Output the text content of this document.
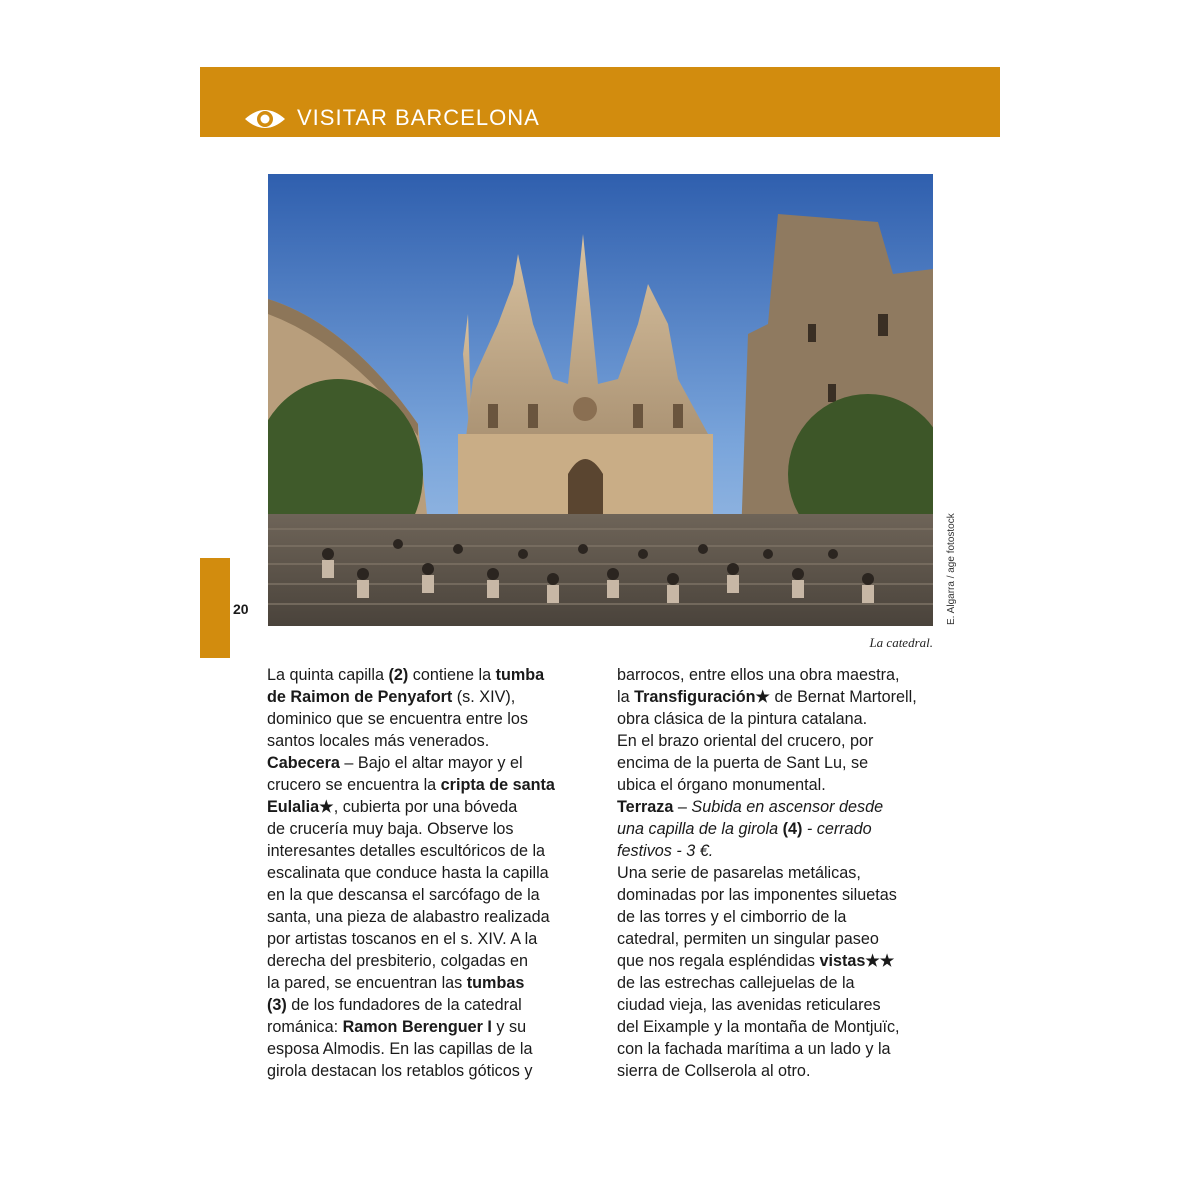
VISITAR BARCELONA
E. Algarra / age fotostock
La catedral.
20
La quinta capilla (2) contiene la tumba
de Raimon de Penyafort (s. XIV),
dominico que se encuentra entre los
santos locales más venerados.
Cabecera – Bajo el altar mayor y el
crucero se encuentra la cripta de santa
Eulalia★, cubierta por una bóveda
de crucería muy baja. Observe los
interesantes detalles escultóricos de la
escalinata que conduce hasta la capilla
en la que descansa el sarcófago de la
santa, una pieza de alabastro realizada
por artistas toscanos en el s. XIV. A la
derecha del presbiterio, colgadas en
la pared, se encuentran las tumbas
(3) de los fundadores de la catedral
románica: Ramon Berenguer I y su
esposa Almodis. En las capillas de la
girola destacan los retablos góticos y
barrocos, entre ellos una obra maestra,
la Transfiguración★ de Bernat Martorell,
obra clásica de la pintura catalana.
En el brazo oriental del crucero, por
encima de la puerta de Sant Lu, se
ubica el órgano monumental.
Terraza – Subida en ascensor desde
una capilla de la girola (4) - cerrado
festivos - 3 €.
Una serie de pasarelas metálicas,
dominadas por las imponentes siluetas
de las torres y el cimborrio de la
catedral, permiten un singular paseo
que nos regala espléndidas vistas★★
de las estrechas callejuelas de la
ciudad vieja, las avenidas reticulares
del Eixample y la montaña de Montjuïc,
con la fachada marítima a un lado y la
sierra de Collserola al otro.
